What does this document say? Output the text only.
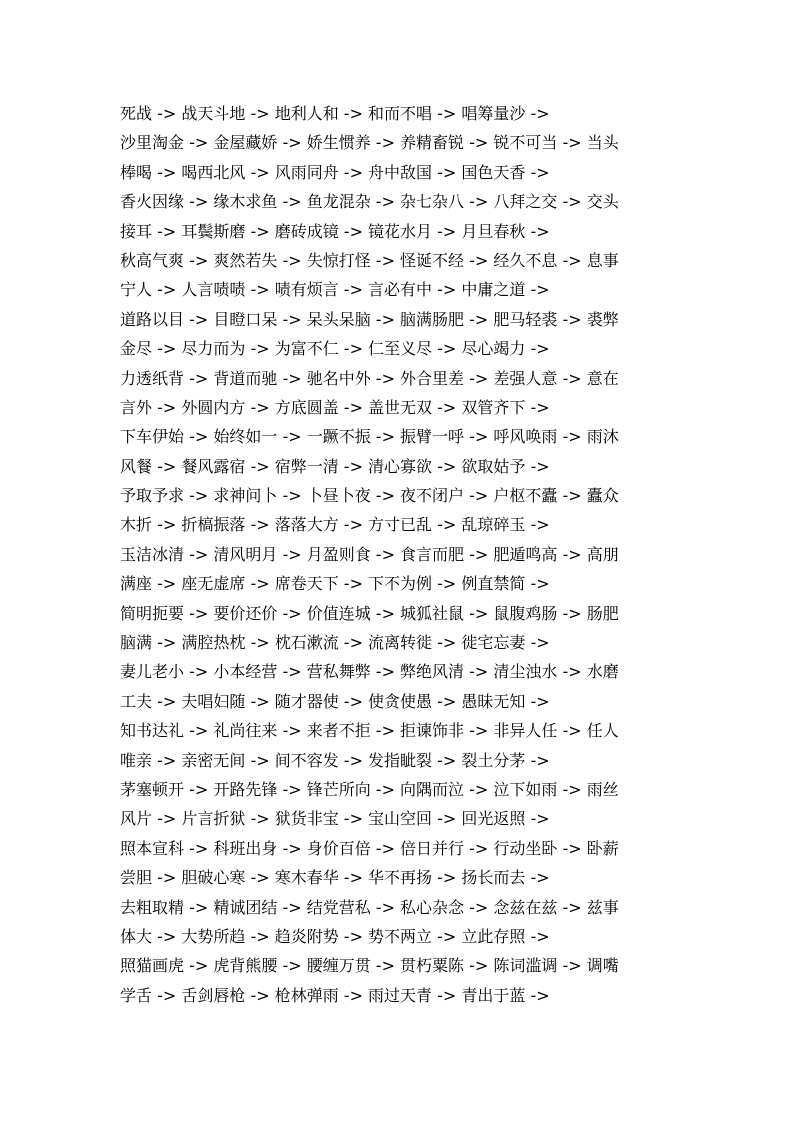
死战 -> 战天斗地 -> 地利人和 -> 和而不唱 -> 唱筹量沙 ->
沙里淘金 -> 金屋藏娇 -> 娇生惯养 -> 养精畜锐 -> 锐不可当 -> 当头
棒喝 -> 喝西北风 -> 风雨同舟 -> 舟中敌国 -> 国色天香 ->
香火因缘 -> 缘木求鱼 -> 鱼龙混杂 -> 杂七杂八 -> 八拜之交 -> 交头
接耳 -> 耳鬓斯磨 -> 磨砖成镜 -> 镜花水月 -> 月旦春秋 ->
秋高气爽 -> 爽然若失 -> 失惊打怪 -> 怪诞不经 -> 经久不息 -> 息事
宁人 -> 人言啧啧 -> 啧有烦言 -> 言必有中 -> 中庸之道 ->
道路以目 -> 目瞪口呆 -> 呆头呆脑 -> 脑满肠肥 -> 肥马轻裘 -> 裘弊
金尽 -> 尽力而为 -> 为富不仁 -> 仁至义尽 -> 尽心竭力 ->
力透纸背 -> 背道而驰 -> 驰名中外 -> 外合里差 -> 差强人意 -> 意在
言外 -> 外圆内方 -> 方底圆盖 -> 盖世无双 -> 双管齐下 ->
下车伊始 -> 始终如一 -> 一蹶不振 -> 振臂一呼 -> 呼风唤雨 -> 雨沐
风餐 -> 餐风露宿 -> 宿弊一清 -> 清心寡欲 -> 欲取姑予 ->
予取予求 -> 求神问卜 -> 卜昼卜夜 -> 夜不闭户 -> 户枢不蠹 -> 蠹众
木折 -> 折槁振落 -> 落落大方 -> 方寸已乱 -> 乱琼碎玉 ->
玉洁冰清 -> 清风明月 -> 月盈则食 -> 食言而肥 -> 肥遁鸣高 -> 高朋
满座 -> 座无虚席 -> 席卷天下 -> 下不为例 -> 例直禁简 ->
简明扼要 -> 要价还价 -> 价值连城 -> 城狐社鼠 -> 鼠腹鸡肠 -> 肠肥
脑满 -> 满腔热枕 -> 枕石漱流 -> 流离转徙 -> 徙宅忘妻 ->
妻儿老小 -> 小本经营 -> 营私舞弊 -> 弊绝风清 -> 清尘浊水 -> 水磨
工夫 -> 夫唱妇随 -> 随才器使 -> 使贪使愚 -> 愚昧无知 ->
知书达礼 -> 礼尚往来 -> 来者不拒 -> 拒谏饰非 -> 非异人任 -> 任人
唯亲 -> 亲密无间 -> 间不容发 -> 发指眦裂 -> 裂土分茅 ->
茅塞顿开 -> 开路先锋 -> 锋芒所向 -> 向隅而泣 -> 泣下如雨 -> 雨丝
风片 -> 片言折狱 -> 狱货非宝 -> 宝山空回 -> 回光返照 ->
照本宣科 -> 科班出身 -> 身价百倍 -> 倍日并行 -> 行动坐卧 -> 卧薪
尝胆 -> 胆破心寒 -> 寒木春华 -> 华不再扬 -> 扬长而去 ->
去粗取精 -> 精诚团结 -> 结党营私 -> 私心杂念 -> 念兹在兹 -> 兹事
体大 -> 大势所趋 -> 趋炎附势 -> 势不两立 -> 立此存照 ->
照猫画虎 -> 虎背熊腰 -> 腰缠万贯 -> 贯朽粟陈 -> 陈词滥调 -> 调嘴
学舌 -> 舌剑唇枪 -> 枪林弹雨 -> 雨过天青 -> 青出于蓝 ->
